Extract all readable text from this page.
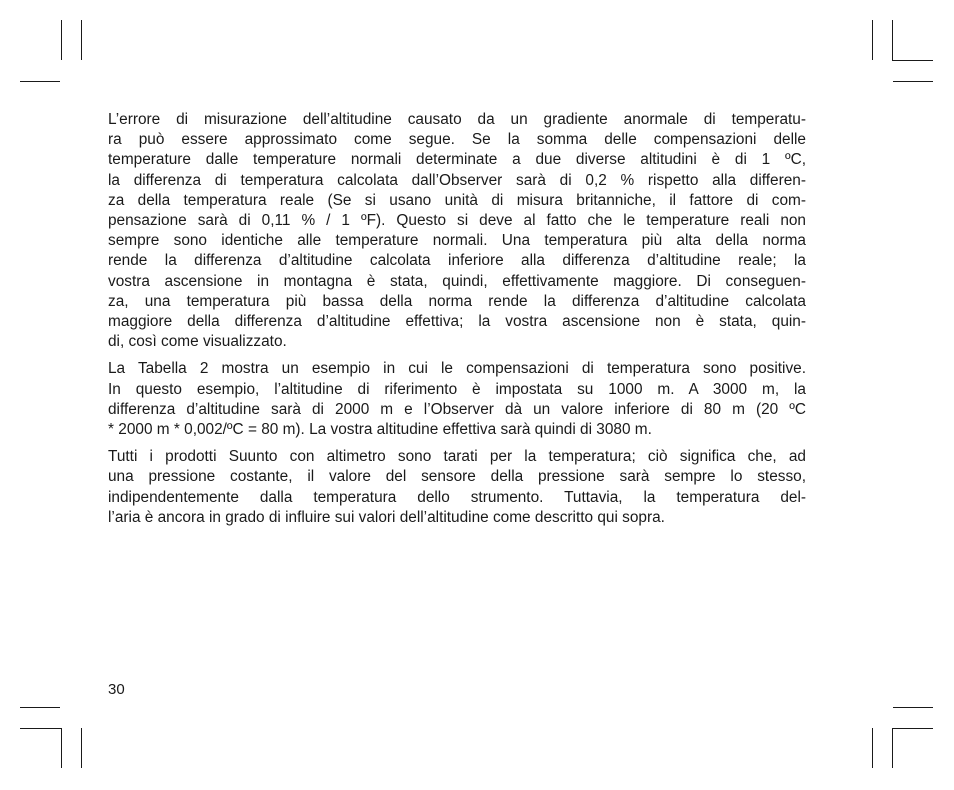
L’errore di misurazione dell’altitudine causato da un gradiente anormale di temperatu-
ra può essere approssimato come segue. Se la somma delle compensazioni delle
temperature dalle temperature normali determinate a due diverse altitudini è di 1 ºC,
la differenza di temperatura calcolata dall’Observer sarà di 0,2 % rispetto alla differen-
za della temperatura reale (Se si usano unità di misura britanniche, il fattore di com-
pensazione sarà di 0,11 % / 1 ºF). Questo si deve al fatto che le temperature reali non
sempre sono identiche alle temperature normali. Una temperatura più alta della norma
rende la differenza d’altitudine calcolata inferiore alla differenza d’altitudine reale; la
vostra ascensione in montagna è stata, quindi, effettivamente maggiore. Di conseguen-
za, una temperatura più bassa della norma rende la differenza d’altitudine calcolata
maggiore della differenza d’altitudine effettiva; la vostra ascensione non è stata, quin-
di, così come visualizzato.

La Tabella 2 mostra un esempio in cui le compensazioni di temperatura sono positive.
In questo esempio, l’altitudine di riferimento è impostata su 1000 m. A 3000 m, la
differenza d’altitudine sarà di 2000 m e l’Observer dà un valore inferiore di 80 m (20 ºC
* 2000 m * 0,002/ºC = 80 m). La vostra altitudine effettiva sarà quindi di 3080 m.

Tutti i prodotti Suunto con altimetro sono tarati per la temperatura; ciò significa che, ad
una pressione costante, il valore del sensore della pressione sarà sempre lo stesso,
indipendentemente dalla temperatura dello strumento. Tuttavia, la temperatura del-
l’aria è ancora in grado di influire sui valori dell’altitudine come descritto qui sopra.

30
